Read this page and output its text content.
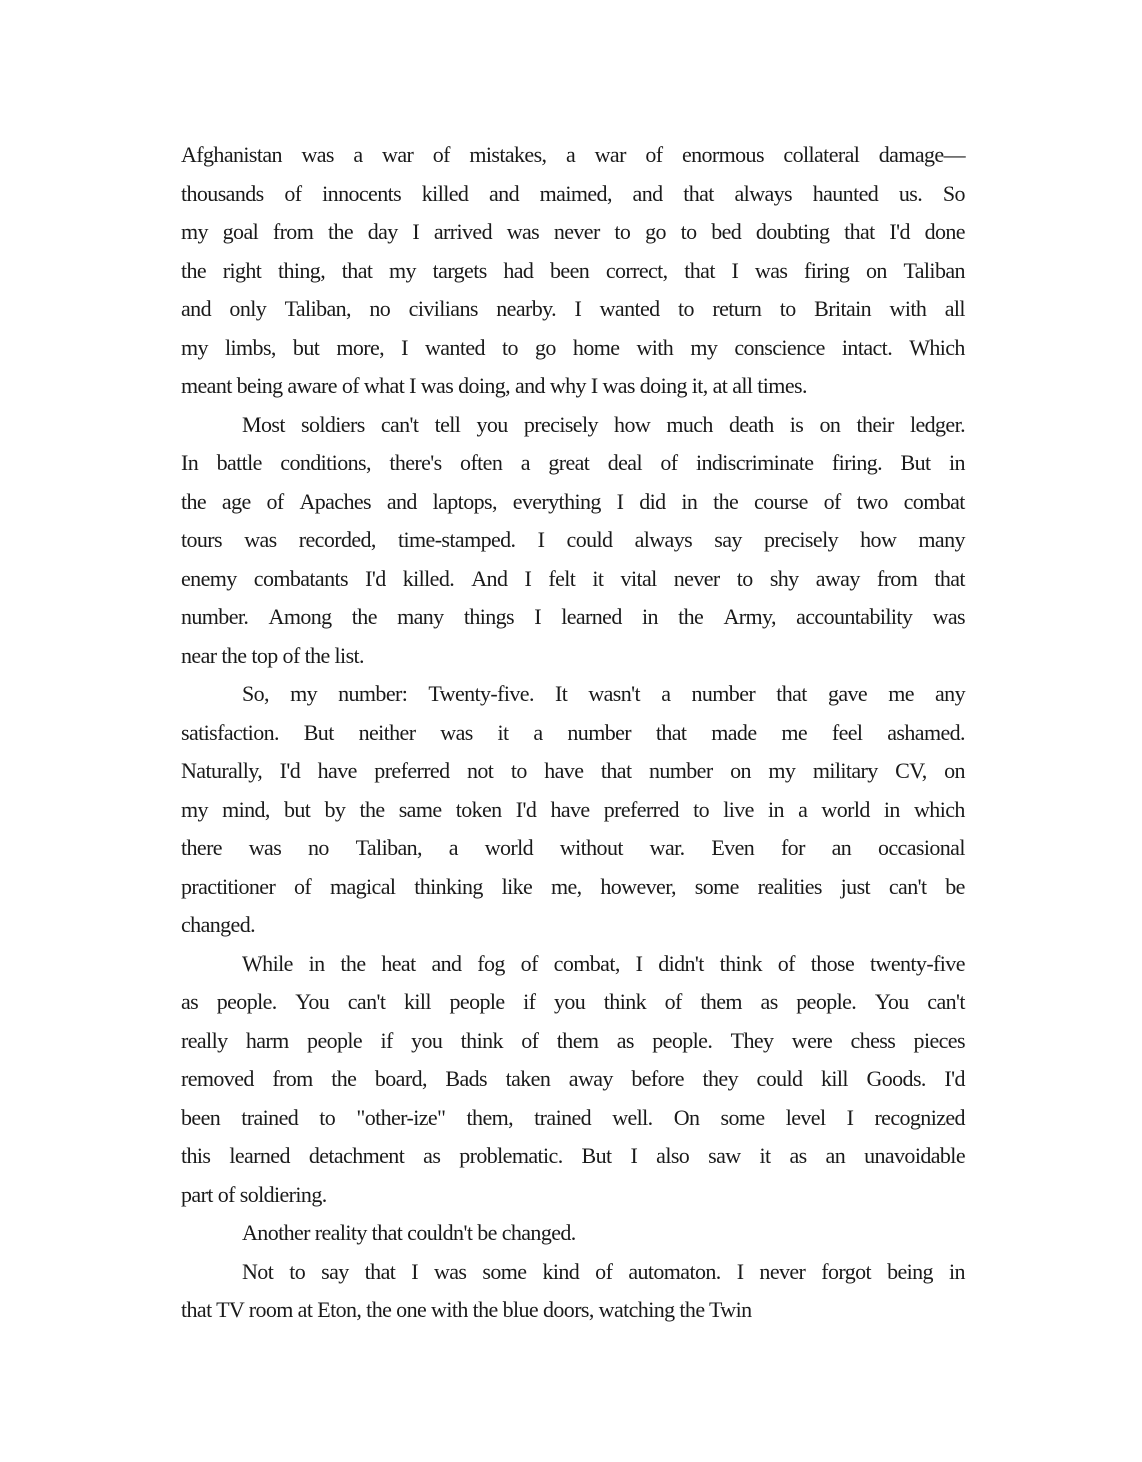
Afghanistan was a war of mistakes, a war of enormous collateral damage—
thousands of innocents killed and maimed, and that always haunted us. So
my goal from the day I arrived was never to go to bed doubting that I'd done
the right thing, that my targets had been correct, that I was firing on Taliban
and only Taliban, no civilians nearby. I wanted to return to Britain with all
my limbs, but more, I wanted to go home with my conscience intact. Which
meant being aware of what I was doing, and why I was doing it, at all times.
Most soldiers can't tell you precisely how much death is on their ledger.
In battle conditions, there's often a great deal of indiscriminate firing. But in
the age of Apaches and laptops, everything I did in the course of two combat
tours was recorded, time-stamped. I could always say precisely how many
enemy combatants I'd killed. And I felt it vital never to shy away from that
number. Among the many things I learned in the Army, accountability was
near the top of the list.
So, my number: Twenty-five. It wasn't a number that gave me any
satisfaction. But neither was it a number that made me feel ashamed.
Naturally, I'd have preferred not to have that number on my military CV, on
my mind, but by the same token I'd have preferred to live in a world in which
there was no Taliban, a world without war. Even for an occasional
practitioner of magical thinking like me, however, some realities just can't be
changed.
While in the heat and fog of combat, I didn't think of those twenty-five
as people. You can't kill people if you think of them as people. You can't
really harm people if you think of them as people. They were chess pieces
removed from the board, Bads taken away before they could kill Goods. I'd
been trained to "other-ize" them, trained well. On some level I recognized
this learned detachment as problematic. But I also saw it as an unavoidable
part of soldiering.
Another reality that couldn't be changed.
Not to say that I was some kind of automaton. I never forgot being in
that TV room at Eton, the one with the blue doors, watching the Twin
